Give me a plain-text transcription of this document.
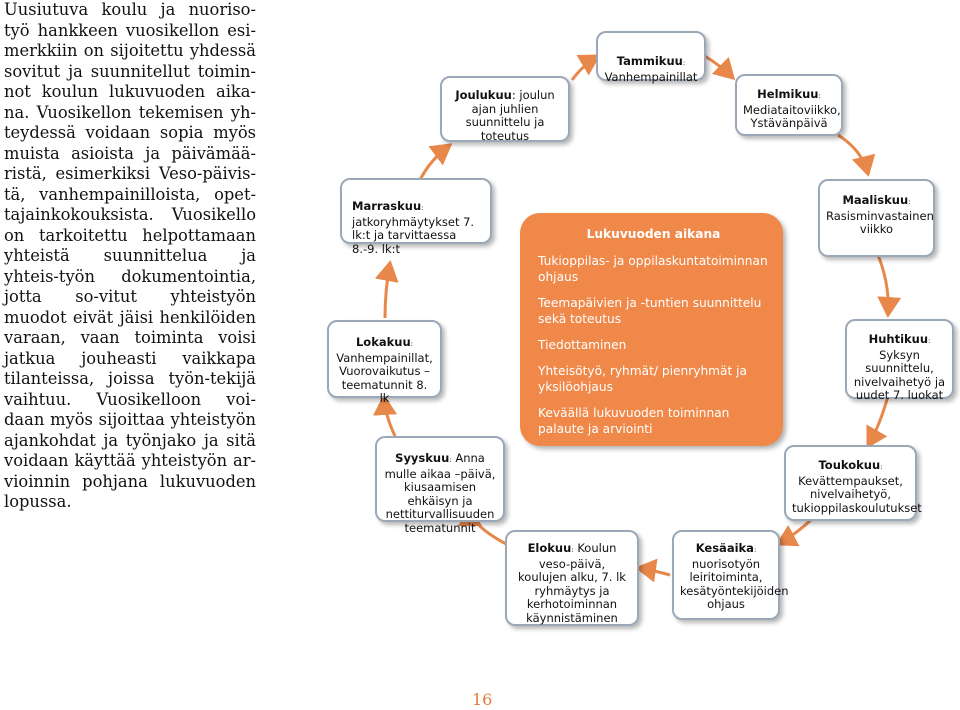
Uusiutuva koulu ja nuoriso-työ hankkeen vuosikellon esi-merkkiin on sijoitettu yhdessä sovitut ja suunnitellut toimin-not koulun lukuvuoden aika-na. Vuosikellon tekemisen yh-teydessä voidaan sopia myös muista asioista ja päivämää-ristä, esimerkiksi Veso-päivis-tä, vanhempainilloista, opet-tajainkokouksista. Vuosikello on tarkoitettu helpottamaan yhteistä suunnittelua ja yhteis-työn dokumentointia, jotta so-vitut yhteistyön muodot eivät jäisi henkilöiden varaan, vaan toiminta voisi jatkua jouheasti vaikkapa tilanteissa, joissa työn-tekijä vaihtuu. Vuosikelloon voi-daan myös sijoittaa yhteistyön ajankohdat ja työnjako ja sitä voidaan käyttää yhteistyön ar-vioinnin pohjana lukuvuoden lopussa.

Lukuvuoden aikana
Tukioppilas- ja oppilaskuntatoiminnan ohjaus
Teemapäivien ja -tuntien suunnittelu sekä toteutus
Tiedottaminen
Yhteisötyö, ryhmät/ pienryhmät ja yksilöohjaus
Keväällä lukuvuoden toiminnan palaute ja arviointi
Tammikuu:
Vanhempainillat
Helmikuu:
Mediataitoviikko, Ystävänpäivä
Maaliskuu:
Rasisminvastainen viikko
Huhtikuu: Syksyn suunnittelu, nivelvaihetyö ja uudet 7. luokat
Toukokuu:
Kevättempaukset, nivelvaihetyö, tukioppilaskoulutukset
Kesäaika:
nuorisotyön leiritoiminta, kesätyöntekijöiden ohjaus
Elokuu: Koulun veso-päivä, koulujen alku, 7. lk ryhmäytys ja kerhotoiminnan käynnistäminen
Syyskuu: Anna mulle aikaa –päivä, kiusaamisen ehkäisyn ja nettiturvallisuuden teematunnit
Lokakuu:
Vanhempainillat, Vuorovaikutus – teematunnit 8. lk
Marraskuu:
jatkoryhmäytykset 7. lk:t ja tarvittaessa 8.-9. lk:t
Joulukuu: joulun ajan juhlien suunnittelu ja toteutus
16
